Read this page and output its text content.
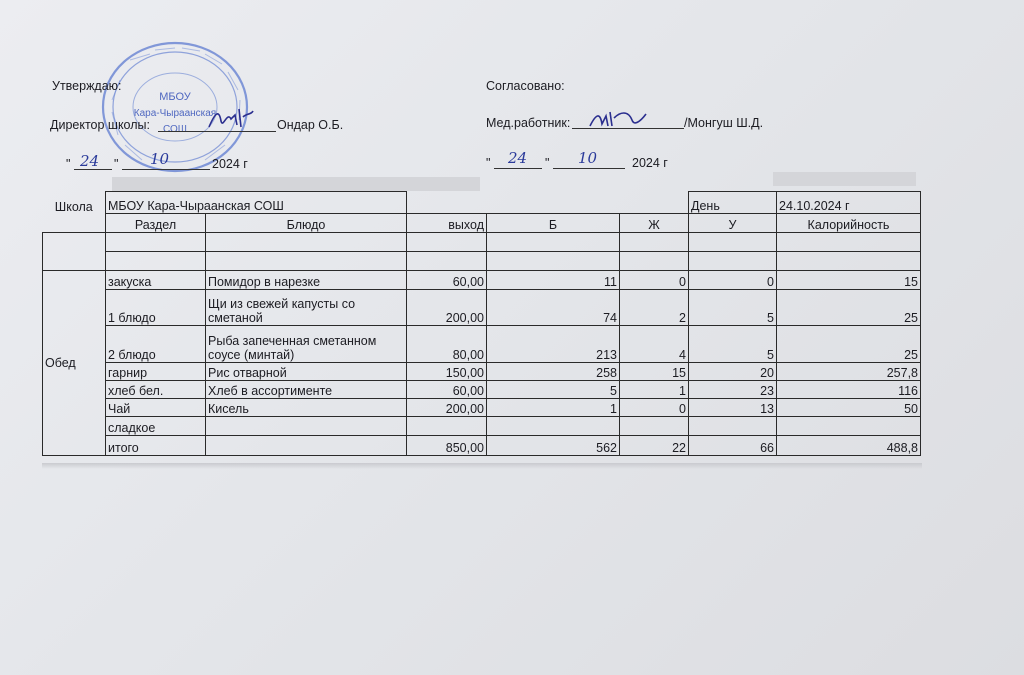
МБОУ
Кара-Чыраанская
СОШ
Утверждаю:
Директор школы:	Ондар О.Б.
" 24 " 10	2024 г
Согласовано:
Мед.работник:	/Монгуш Ш.Д.
" 24 " 10	2024 г
Школа	МБОУ Кара-Чыраанская СОШ					День	24.10.2024 г
	Раздел	Блюдо	выход	Б	Ж	У	Калорийность

Обед	закуска	Помидор в нарезке	60,00	11	0	0	15
	1 блюдо	Щи из свежей капусты со сметаной	200,00	74	2	5	25
	2 блюдо	Рыба запеченная сметанном соусе (минтай)	80,00	213	4	5	25
	гарнир	Рис отварной	150,00	258	15	20	257,8
	хлеб бел.	Хлеб в ассортименте	60,00	5	1	23	116
	Чай	Кисель	200,00	1	0	13	50
	сладкое						
	итого		850,00	562	22	66	488,8
